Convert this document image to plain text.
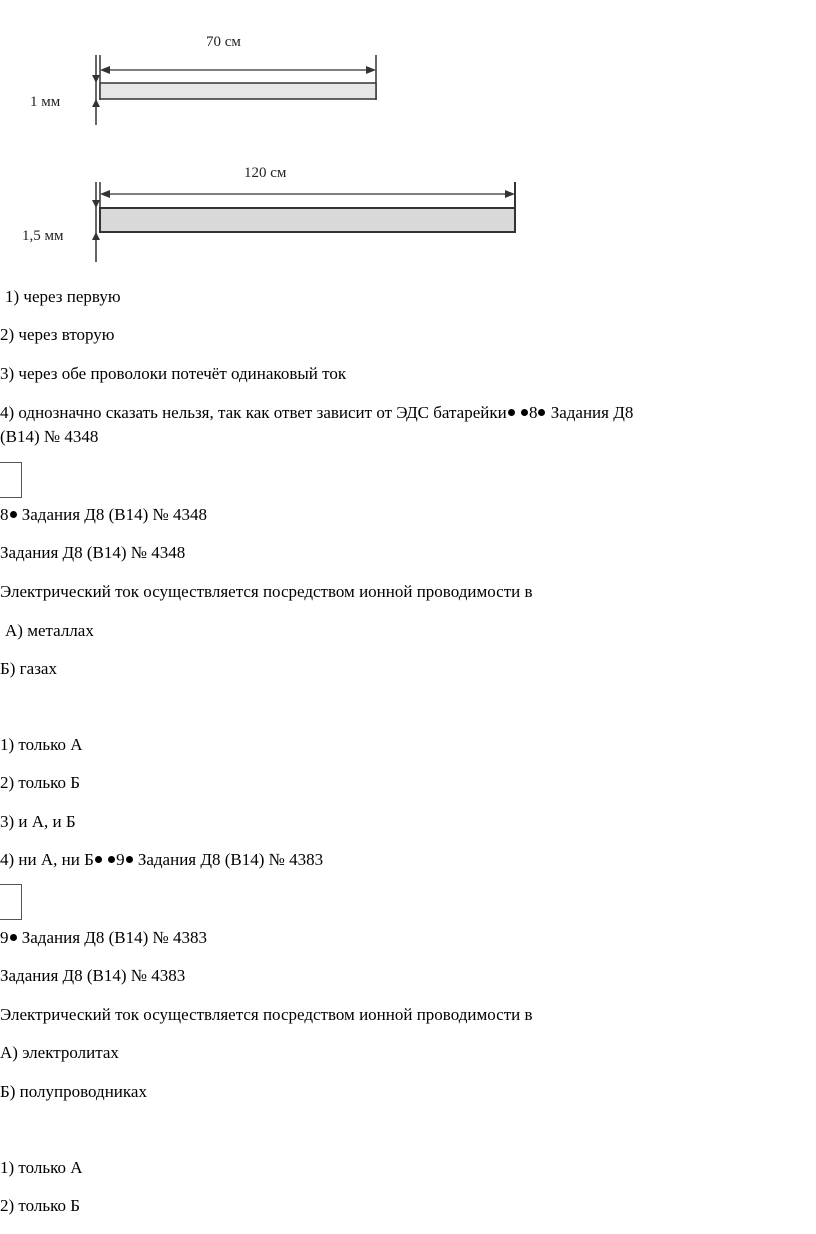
70 см
1 мм
120 см
1,5 мм
1) через первую
2) через вторую
3) через обе проволоки потечёт одинаковый ток
4) однозначно сказать нельзя, так как ответ зависит от ЭДС батарейки 8 Задания Д8
(В14) № 4348
8 Задания Д8 (В14) № 4348
Задания Д8 (В14) № 4348
Электрический ток осуществляется посредством ионной проводимости в
А) металлах
Б) газах
1) только А
2) только Б
3) и А, и Б
4) ни А, ни Б 9 Задания Д8 (В14) № 4383
9 Задания Д8 (В14) № 4383
Задания Д8 (В14) № 4383
Электрический ток осуществляется посредством ионной проводимости в
А) электролитах
Б) полупроводниках
1) только А
2) только Б
